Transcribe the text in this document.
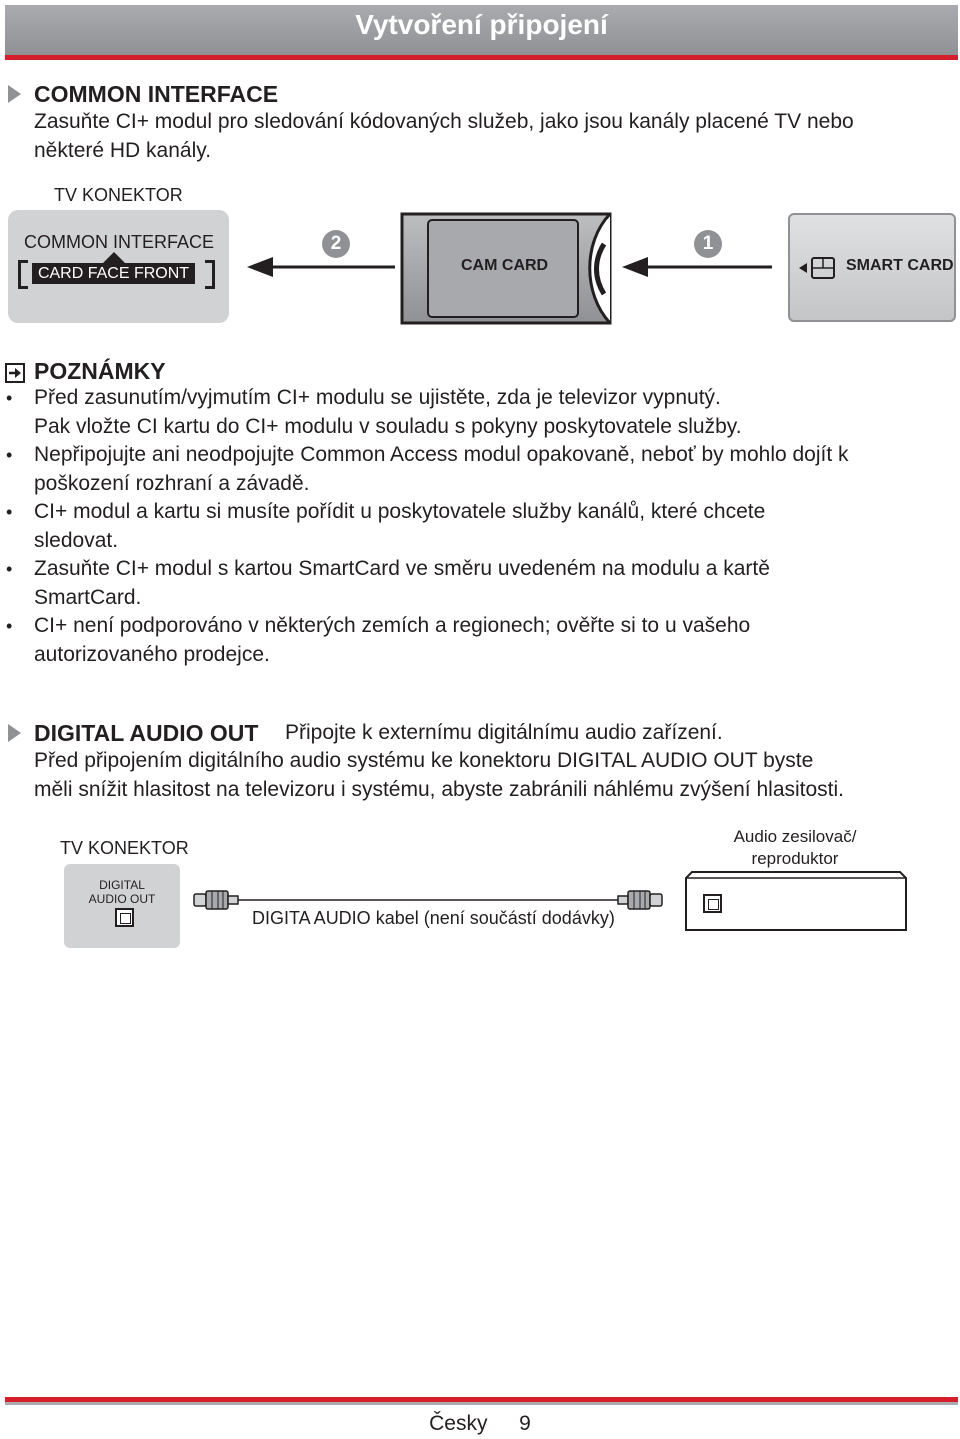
Vytvoření připojení
COMMON INTERFACE
Zasuňte CI+ modul pro sledování kódovaných služeb, jako jsou kanály placené TV nebo
některé HD kanály.
TV KONEKTOR
COMMON INTERFACE
CARD FACE FRONT
2	1
CAM CARD	SMART CARD
POZNÁMKY
• Před zasunutím/vyjmutím CI+ modulu se ujistěte, zda je televizor vypnutý.
Pak vložte CI kartu do CI+ modulu v souladu s pokyny poskytovatele služby.
• Nepřipojujte ani neodpojujte Common Access modul opakovaně, neboť by mohlo dojít k
poškození rozhraní a závadě.
• CI+ modul a kartu si musíte pořídit u poskytovatele služby kanálů, které chcete
sledovat.
• Zasuňte CI+ modul s kartou SmartCard ve směru uvedeném na modulu a kartě
SmartCard.
• CI+ není podporováno v některých zemích a regionech; ověřte si to u vašeho
autorizovaného prodejce.
DIGITAL AUDIO OUT Připojte k externímu digitálnímu audio zařízení.
Před připojením digitálního audio systému ke konektoru DIGITAL AUDIO OUT byste
měli snížit hlasitost na televizoru i systému, abyste zabránili náhlému zvýšení hlasitosti.
TV KONEKTOR
DIGITAL
AUDIO OUT
DIGITA AUDIO kabel (není součástí dodávky)
Audio zesilovač/
reproduktor
Česky 9
